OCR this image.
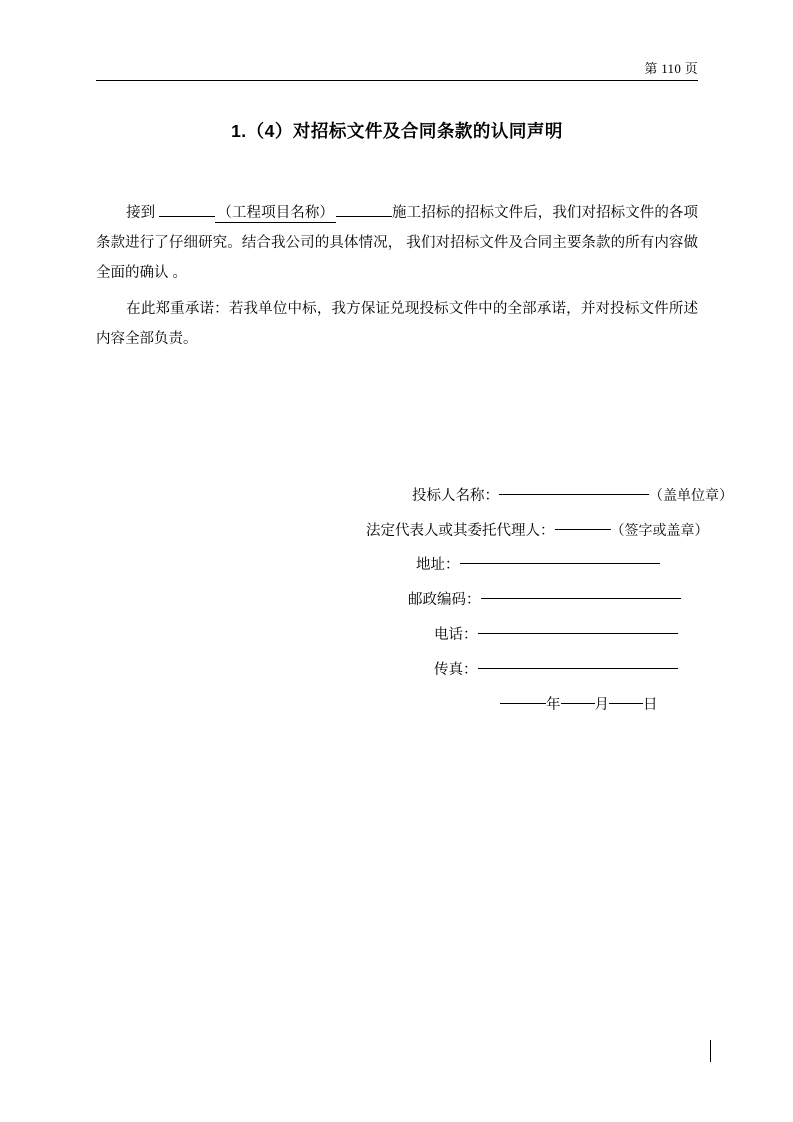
第 110 页
1.（4）对招标文件及合同条款的认同声明

接到	（工程项目名称）	施工招标的招标文件后，我们对招标文件的各项条款进行了仔细研究。结合我公司的具体情况， 我们对招标文件及合同主要条款的所有内容做全面的确认 。

在此郑重承诺：若我单位中标，我方保证兑现投标文件中的全部承诺，并对投标文件所述内容全部负责。

投标人名称：	（盖单位章）
法定代表人或其委托代理人：	（签字或盖章）
地址：
邮政编码：
电话：
传真：
年 月 日
